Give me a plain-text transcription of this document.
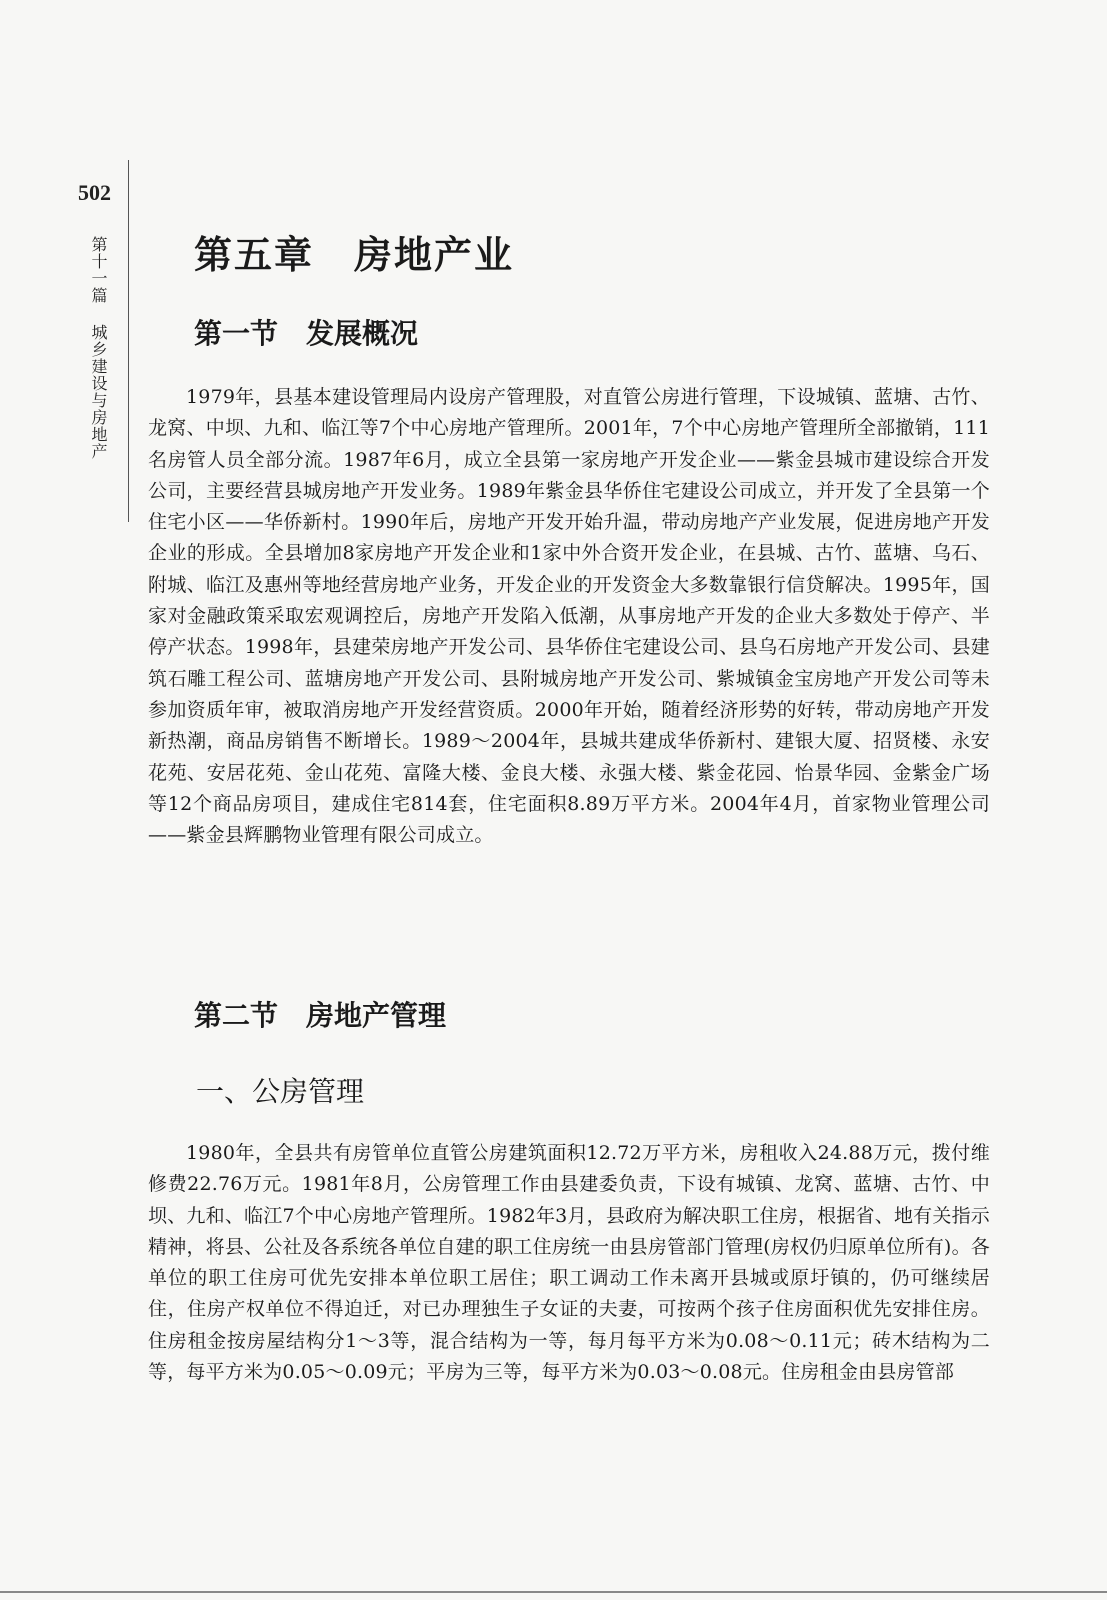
502
第十一篇城乡建设与房地产
第五章　房地产业
第一节　发展概况

1979年，县基本建设管理局内设房产管理股，对直管公房进行管理，下设城镇、蓝塘、古竹、龙窝、中坝、九和、临江等7个中心房地产管理所。2001年，7个中心房地产管理所全部撤销，111名房管人员全部分流。1987年6月，成立全县第一家房地产开发企业——紫金县城市建设综合开发公司，主要经营县城房地产开发业务。1989年紫金县华侨住宅建设公司成立，并开发了全县第一个住宅小区——华侨新村。1990年后，房地产开发开始升温，带动房地产产业发展，促进房地产开发企业的形成。全县增加8家房地产开发企业和1家中外合资开发企业，在县城、古竹、蓝塘、乌石、附城、临江及惠州等地经营房地产业务，开发企业的开发资金大多数靠银行信贷解决。1995年，国家对金融政策采取宏观调控后，房地产开发陷入低潮，从事房地产开发的企业大多数处于停产、半停产状态。1998年，县建荣房地产开发公司、县华侨住宅建设公司、县乌石房地产开发公司、县建筑石雕工程公司、蓝塘房地产开发公司、县附城房地产开发公司、紫城镇金宝房地产开发公司等未参加资质年审，被取消房地产开发经营资质。2000年开始，随着经济形势的好转，带动房地产开发新热潮，商品房销售不断增长。1989～2004年，县城共建成华侨新村、建银大厦、招贤楼、永安花苑、安居花苑、金山花苑、富隆大楼、金良大楼、永强大楼、紫金花园、怡景华园、金紫金广场等12个商品房项目，建成住宅814套，住宅面积8.89万平方米。2004年4月，首家物业管理公司——紫金县辉鹏物业管理有限公司成立。

第二节　房地产管理
一、公房管理

1980年，全县共有房管单位直管公房建筑面积12.72万平方米，房租收入24.88万元，拨付维修费22.76万元。1981年8月，公房管理工作由县建委负责，下设有城镇、龙窝、蓝塘、古竹、中坝、九和、临江7个中心房地产管理所。1982年3月，县政府为解决职工住房，根据省、地有关指示精神，将县、公社及各系统各单位自建的职工住房统一由县房管部门管理(房权仍归原单位所有)。各单位的职工住房可优先安排本单位职工居住；职工调动工作未离开县城或原圩镇的，仍可继续居住，住房产权单位不得迫迁，对已办理独生子女证的夫妻，可按两个孩子住房面积优先安排住房。住房租金按房屋结构分1～3等，混合结构为一等，每月每平方米为0.08～0.11元；砖木结构为二等，每平方米为0.05～0.09元；平房为三等，每平方米为0.03～0.08元。住房租金由县房管部
